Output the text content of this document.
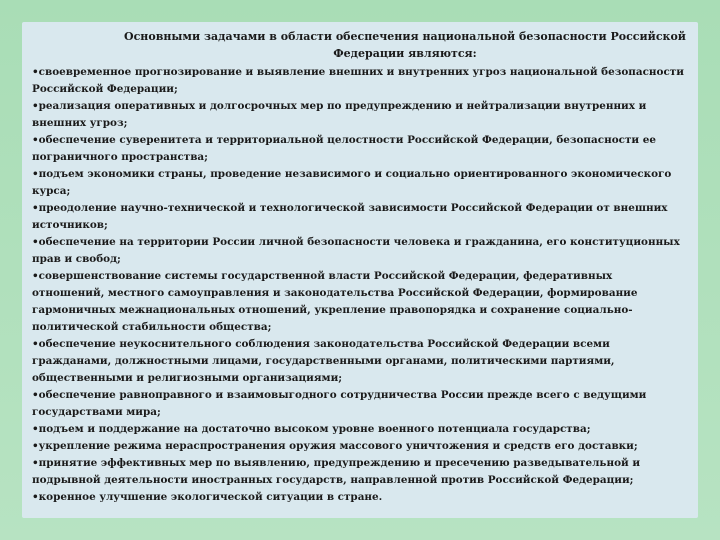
Основными задачами в области обеспечения национальной безопасности Российской Федерации являются:
•своевременное прогнозирование и выявление внешних и внутренних угроз национальной безопасности Российской Федерации;
•реализация оперативных и долгосрочных мер по предупреждению и нейтрализации внутренних и внешних угроз;
•обеспечение суверенитета и территориальной целостности Российской Федерации, безопасности ее пограничного пространства;
•подъем экономики страны, проведение независимого и социально ориентированного экономического курса;
•преодоление научно-технической и технологической зависимости Российской Федерации от внешних источников;
•обеспечение на территории России личной безопасности человека и гражданина, его конституционных прав и свобод;
•совершенствование системы государственной власти Российской Федерации, федеративных отношений, местного самоуправления и законодательства Российской Федерации, формирование гармоничных межнациональных отношений, укрепление правопорядка и сохранение социально-политической стабильности общества;
•обеспечение неукоснительного соблюдения законодательства Российской Федерации всеми гражданами, должностными лицами, государственными органами, политическими партиями, общественными и религиозными организациями;
•обеспечение равноправного и взаимовыгодного сотрудничества России прежде всего с ведущими государствами мира;
•подъем и поддержание на достаточно высоком уровне военного потенциала государства;
•укрепление режима нераспространения оружия массового уничтожения и средств его доставки;
•принятие эффективных мер по выявлению, предупреждению и пресечению разведывательной и подрывной деятельности иностранных государств, направленной против Российской Федерации;
•коренное улучшение экологической ситуации в стране.
